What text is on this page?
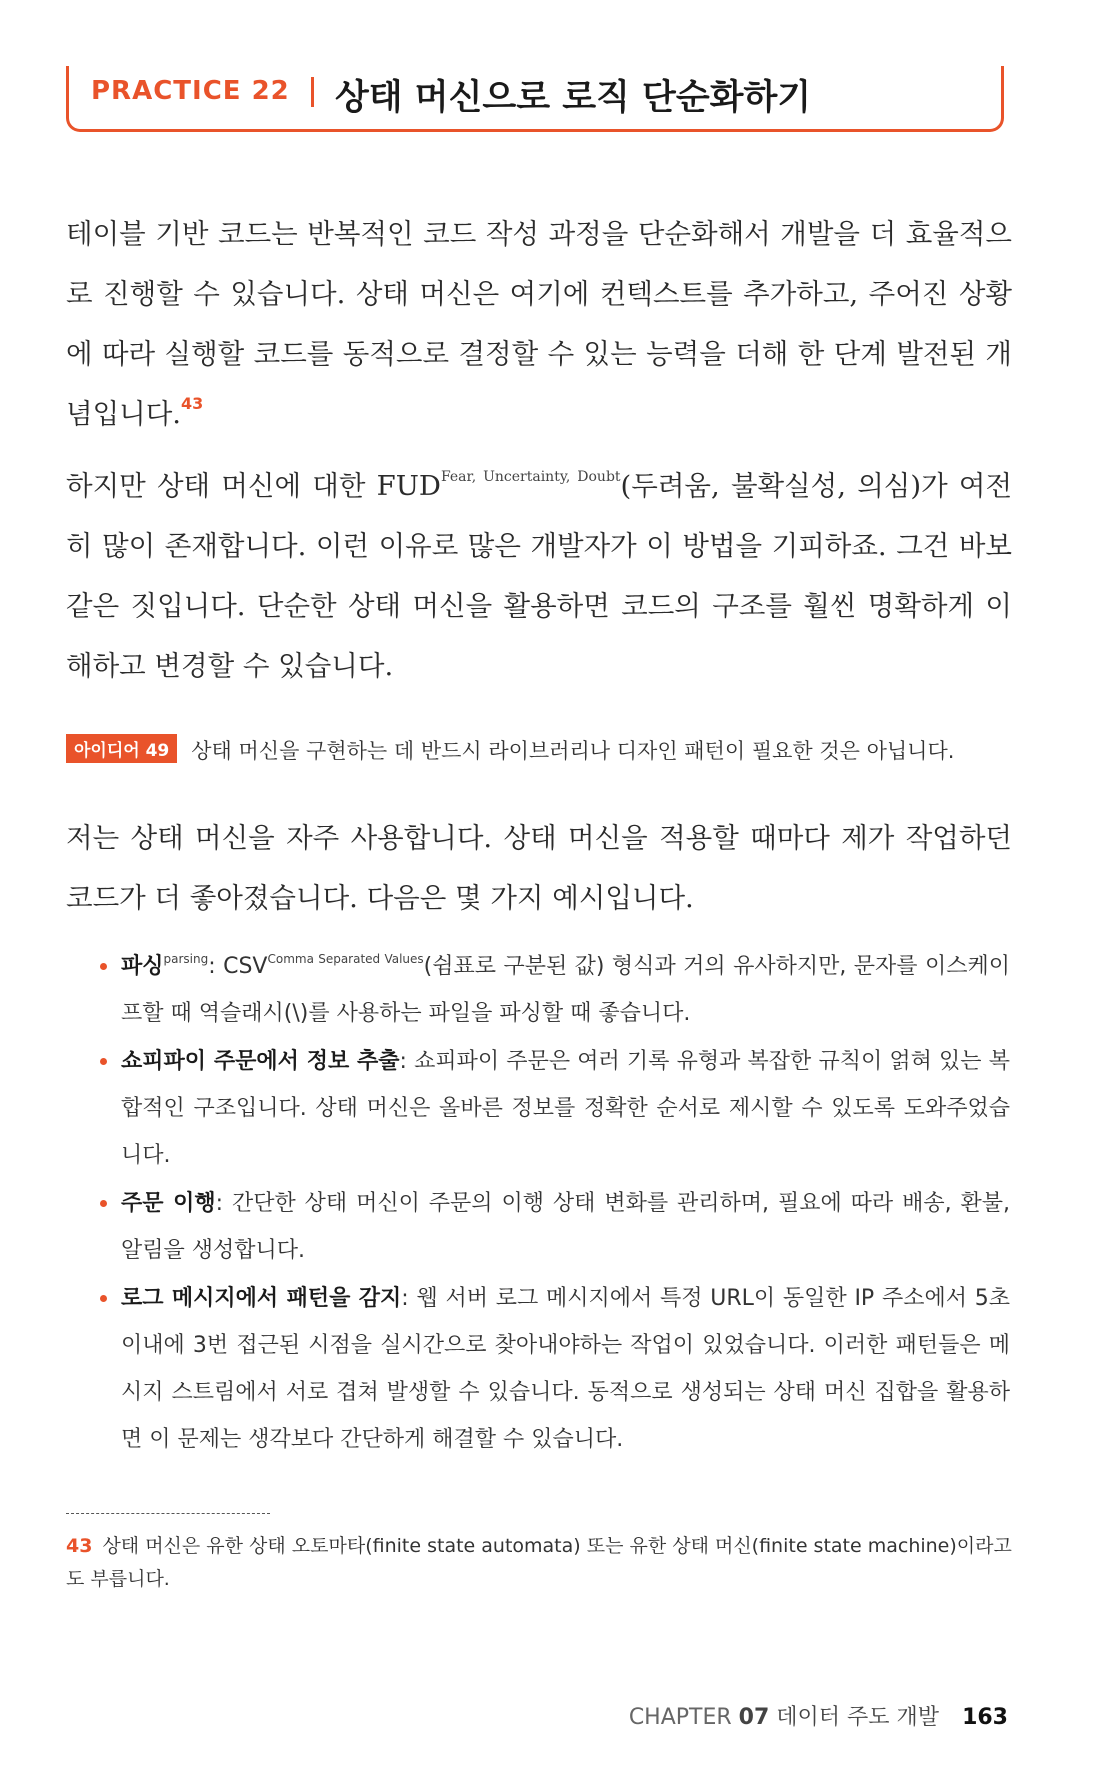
PRACTICE 22 상태 머신으로 로직 단순화하기

테이블 기반 코드는 반복적인 코드 작성 과정을 단순화해서 개발을 더 효율적으로 진행할 수 있습니다. 상태 머신은 여기에 컨텍스트를 추가하고, 주어진 상황에 따라 실행할 코드를 동적으로 결정할 수 있는 능력을 더해 한 단계 발전된 개념입니다.$^{43}$

하지만 상태 머신에 대한 FUD$^{Fear, Uncertainty, Doubt}$(두려움, 불확실성, 의심)가 여전히 많이 존재합니다. 이런 이유로 많은 개발자가 이 방법을 기피하죠. 그건 바보 같은 짓입니다. 단순한 상태 머신을 활용하면 코드의 구조를 훨씬 명확하게 이해하고 변경할 수 있습니다.

아이디어 49 상태 머신을 구현하는 데 반드시 라이브러리나 디자인 패턴이 필요한 것은 아닙니다.

저는 상태 머신을 자주 사용합니다. 상태 머신을 적용할 때마다 제가 작업하던 코드가 더 좋아졌습니다. 다음은 몇 가지 예시입니다.

파싱$^{parsing}$: $CSV^{Comma Separated Values}$(쉼표로 구분된 값) 형식과 거의 유사하지만, 문자를 이스케이프할 때 역슬래시(\)를 사용하는 파일을 파싱할 때 좋습니다.
쇼피파이 주문에서 정보 추출: 쇼피파이 주문은 여러 기록 유형과 복잡한 규칙이 얽혀 있는 복합적인 구조입니다. 상태 머신은 올바른 정보를 정확한 순서로 제시할 수 있도록 도와주었습니다.
주문 이행: 간단한 상태 머신이 주문의 이행 상태 변화를 관리하며, 필요에 따라 배송, 환불, 알림을 생성합니다.
로그 메시지에서 패턴을 감지: 웹 서버 로그 메시지에서 특정 URL이 동일한 IP 주소에서 5초 이내에 3번 접근된 시점을 실시간으로 찾아내야하는 작업이 있었습니다. 이러한 패턴들은 메시지 스트림에서 서로 겹쳐 발생할 수 있습니다. 동적으로 생성되는 상태 머신 집합을 활용하면 이 문제는 생각보다 간단하게 해결할 수 있습니다.
43 상태 머신은 유한 상태 오토마타(finite state automata) 또는 유한 상태 머신(finite state machine)이라고도 부릅니다.
CHAPTER 07 데이터 주도 개발 163
